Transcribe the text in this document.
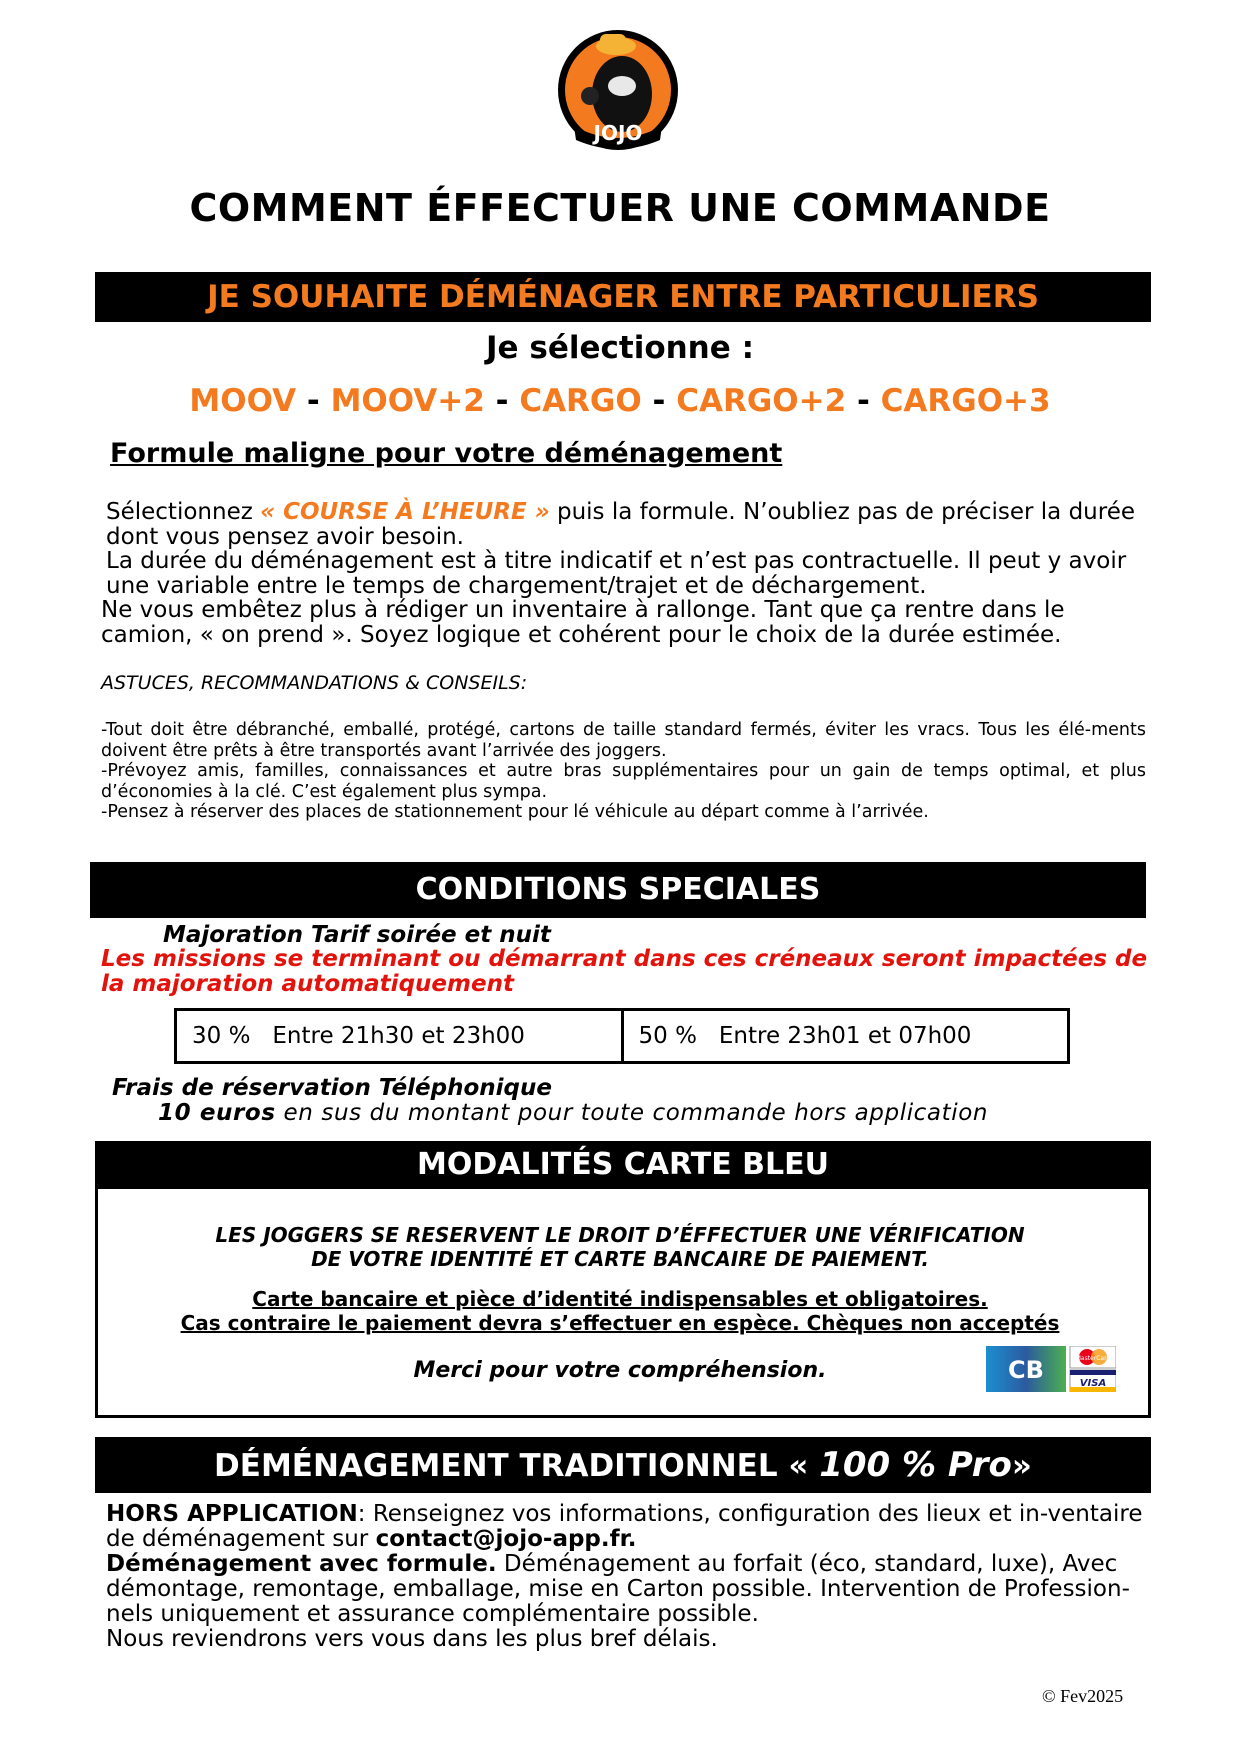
JOJO
COMMENT ÉFFECTUER UNE COMMANDE
JE SOUHAITE DÉMÉNAGER ENTRE PARTICULIERS
Je sélectionne :
MOOV - MOOV+2 - CARGO - CARGO+2 - CARGO+3
Formule maligne pour votre déménagement
Sélectionnez « COURSE À L’HEURE » puis la formule. N’oubliez pas de préciser la durée dont vous pensez avoir besoin.
La durée du déménagement est à titre indicatif et n’est pas contractuelle. Il peut y avoir une variable entre le temps de chargement/trajet et de déchargement.
Ne vous embêtez plus à rédiger un inventaire à rallonge. Tant que ça rentre dans le camion, « on prend ». Soyez logique et cohérent pour le choix de la durée estimée.
ASTUCES, RECOMMANDATIONS & CONSEILS:
-Tout doit être débranché, emballé, protégé, cartons de taille standard fermés, éviter les vracs. Tous les élé-ments doivent être prêts à être transportés avant l’arrivée des joggers.
-Prévoyez amis, familles, connaissances et autre bras supplémentaires pour un gain de temps optimal, et plus d’économies à la clé. C’est également plus sympa.
-Pensez à réserver des places de stationnement pour lé véhicule au départ comme à l’arrivée.
CONDITIONS SPECIALES
Majoration Tarif soirée et nuit
Les missions se terminant ou démarrant dans ces créneaux seront impactées de la majoration automatiquement
30 % Entre 21h30 et 23h00	50 % Entre 23h01 et 07h00
Frais de réservation Téléphonique
10 euros en sus du montant pour toute commande hors application
MODALITÉS CARTE BLEU
LES JOGGERS SE RESERVENT LE DROIT D’ÉFFECTUER UNE VÉRIFICATION
DE VOTRE IDENTITÉ ET CARTE BANCAIRE DE PAIEMENT.
Carte bancaire et pièce d’identité indispensables et obligatoires.
Cas contraire le paiement devra s’effectuer en espèce. Chèques non acceptés
Merci pour votre compréhension.	CB	MasterCard
VISA
DÉMÉNAGEMENT TRADITIONNEL « 100 % Pro»
HORS APPLICATION: Renseignez vos informations, configuration des lieux et in-ventaire de déménagement sur contact@jojo-app.fr.
Déménagement avec formule. Déménagement au forfait (éco, standard, luxe), Avec démontage, remontage, emballage, mise en Carton possible. Intervention de Profession-nels uniquement et assurance complémentaire possible.
Nous reviendrons vers vous dans les plus bref délais.
© Fev2025
